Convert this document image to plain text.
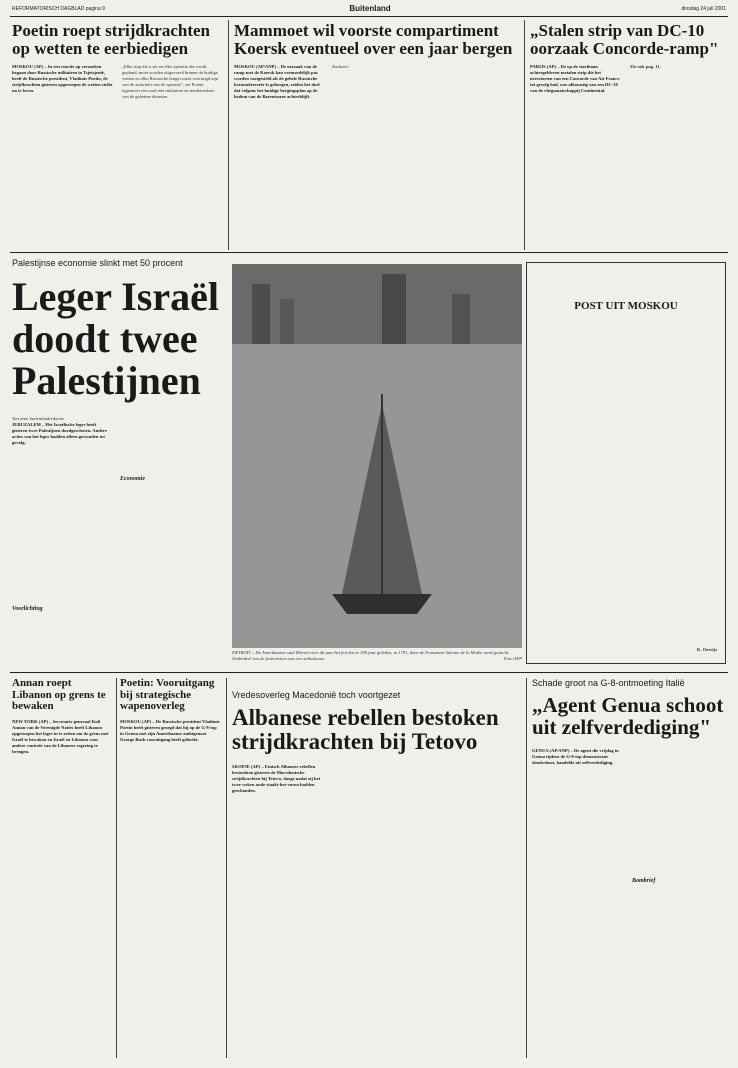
REFORMATORISCH DAGBLAD pagina 9	Buitenland	dinsdag 24 juli 2001
Poetin roept strijdkrachten op wetten te eerbiedigen
MOSKOU (AP) – In een reactie op verzoeken begaan door Russische militairen in Tsjetsjenië, heeft de Russische president, Vladimir Poetin, de strijdkrachten gisteren opgeroepen de wetten strikt na te leven.
„Elke stap die u zet en elke operatie die wordt gepland, moet worden uitgevoerd binnen de huidige wetten en elke Russische burger moet overtuigd zijn van de autoriteit van de operatie", zei Poetin tegenover een zaal met militairen en medewerkers van de geheime diensten.
Mammoet wil voorste compartiment Koersk eventueel over een jaar bergen
MOSKOU (AP/ANP) – De oorzaak van de ramp met de Koersk kan vermoedelijk pas worden vastgesteld als de gehele Russische kernonderzeeër is geborgen, zeiden het doel dat volgens het huidige bergingsplan op de bodem van de Barentszzee achterblijft.
Zachariv
„Stalen strip van DC-10 oorzaak Concorde-ramp"
PARIJS (AP) – De op de startbaan achtergebleven metalen strip die het neerstorten van een Concorde van Air France tot gevolg had, was afkomstig van een DC-10 van de vliegmaatschappij Continental.
Zie ook pag. 11.
Palestijnse economie slinkt met 50 procent
Leger Israël doodt twee Palestijnen
Van onze buitenlandredactie
JERUZALEM – Het Israëlische leger heeft gisteren twee Palestijnen doodgeschoten. Andere acties van het leger hadden alleen gewonden tot gevolg.
Voorlichting
Economie
DETROIT – De Amerikaanse stad Detroit viert dit jaar het feit dat ze 300 jaar geleden, in 1701, door de Fransman Antoine de la Mothe werd gesticht. Onderdeel van de festiviteiten was een zeilschouw.	Foto AFP
POST UIT MOSKOU
K. Oerrijs
Annan roept Libanon op grens te bewaken
NEW YORK (AP) – Secretaris-generaal Kofi Annan van de Verenigde Naties heeft Libanon opgeroepen het leger in te zetten om de grens met Israël te bewaken en Israël en Libanon voor andere controle van de Libanese regering te brengen.
Poetin: Vooruitgang bij strategische wapenoverleg
MOSKOU (AP) – De Russische president Vladimir Poetin heeft gisteren gezegd dat hij op de G-8-top in Genua met zijn Amerikaanse ambtgenoot George Bush vooruitgang heeft geboekt.
Vredesoverleg Macedonië toch voortgezet
Albanese rebellen bestoken strijdkrachten bij Tetovo
SKOPJE (AP) – Etnisch Albanese rebellen bestookten gisteren de Macedonische strijdkrachten bij Tetovo, daags nadat zij het twee weken oude staakt-het-vuren hadden geschonden.
Schade groot na G-8-ontmoeting Italië
„Agent Genua schoot uit zelfverdediging"
GENUA (AP/ANP) – De agent die vrijdag in Genua tijdens de G-8-top demonstrant doodschoot, handelde uit zelfverdediging.
Bombrief
